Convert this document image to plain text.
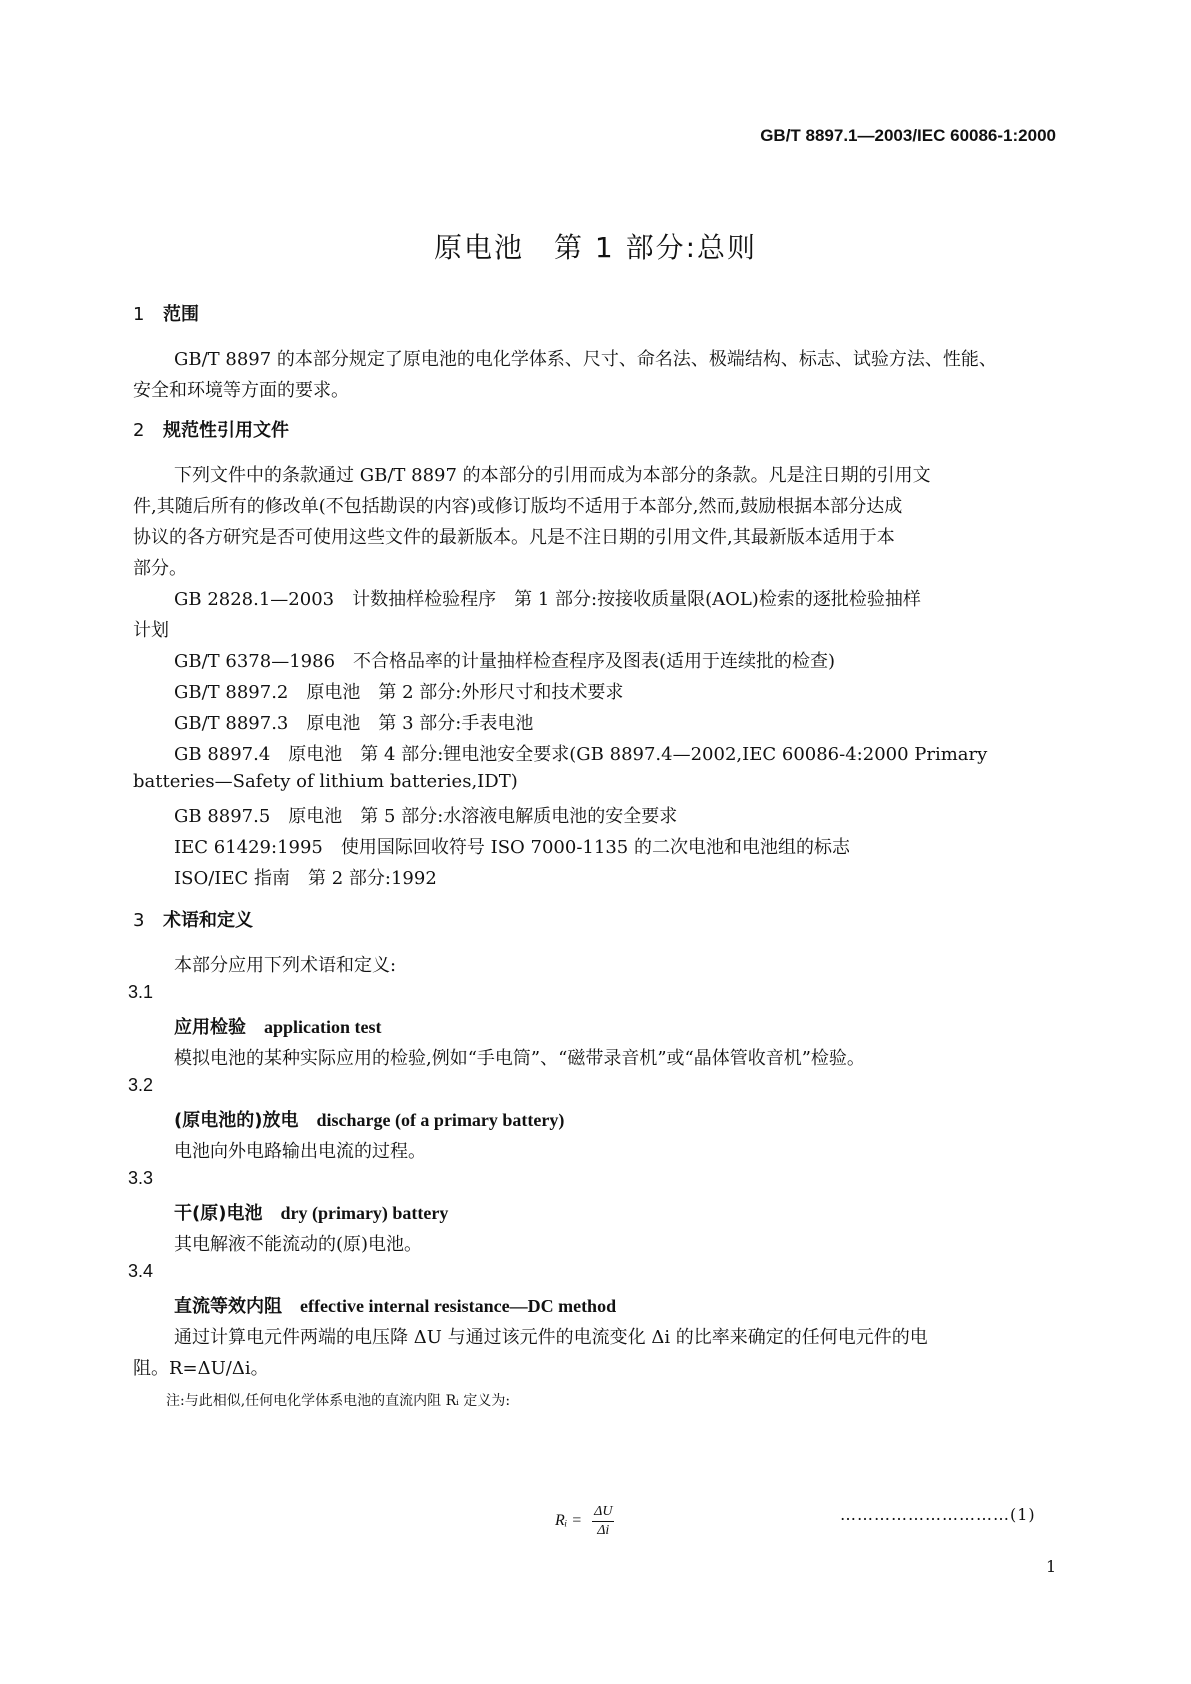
GB/T 8897.1—2003/IEC 60086-1:2000
原电池　第 1 部分:总则
1 范围
GB/T 8897 的本部分规定了原电池的电化学体系、尺寸、命名法、极端结构、标志、试验方法、性能、
安全和环境等方面的要求。
2 规范性引用文件
下列文件中的条款通过 GB/T 8897 的本部分的引用而成为本部分的条款。凡是注日期的引用文
件,其随后所有的修改单(不包括勘误的内容)或修订版均不适用于本部分,然而,鼓励根据本部分达成
协议的各方研究是否可使用这些文件的最新版本。凡是不注日期的引用文件,其最新版本适用于本
部分。
GB 2828.1—2003　计数抽样检验程序　第 1 部分:按接收质量限(AOL)检索的逐批检验抽样
计划
GB/T 6378—1986　不合格品率的计量抽样检查程序及图表(适用于连续批的检查)
GB/T 8897.2　原电池　第 2 部分:外形尺寸和技术要求
GB/T 8897.3　原电池　第 3 部分:手表电池
GB 8897.4　原电池　第 4 部分:锂电池安全要求(GB 8897.4—2002,IEC 60086-4:2000 Primary
batteries—Safety of lithium batteries,IDT)
GB 8897.5　原电池　第 5 部分:水溶液电解质电池的安全要求
IEC 61429:1995　使用国际回收符号 ISO 7000-1135 的二次电池和电池组的标志
ISO/IEC 指南　第 2 部分:1992
3 术语和定义
本部分应用下列术语和定义:
3.1
应用检验　 application test
模拟电池的某种实际应用的检验,例如“手电筒”、“磁带录音机”或“晶体管收音机”检验。
3.2
(原电池的)放电　 discharge (of a primary battery)
电池向外电路输出电流的过程。
3.3
干(原)电池　 dry (primary) battery
其电解液不能流动的(原)电池。
3.4
直流等效内阻　 effective internal resistance—DC method
通过计算电元件两端的电压降 ΔU 与通过该元件的电流变化 Δi 的比率来确定的任何电元件的电
阻。R=ΔU/Δi。
注:与此相似,任何电化学体系电池的直流内阻 Rᵢ 定义为:
Rᵢ = $\frac{\Delta U}{\Delta i}$	…………………………(1)
1
